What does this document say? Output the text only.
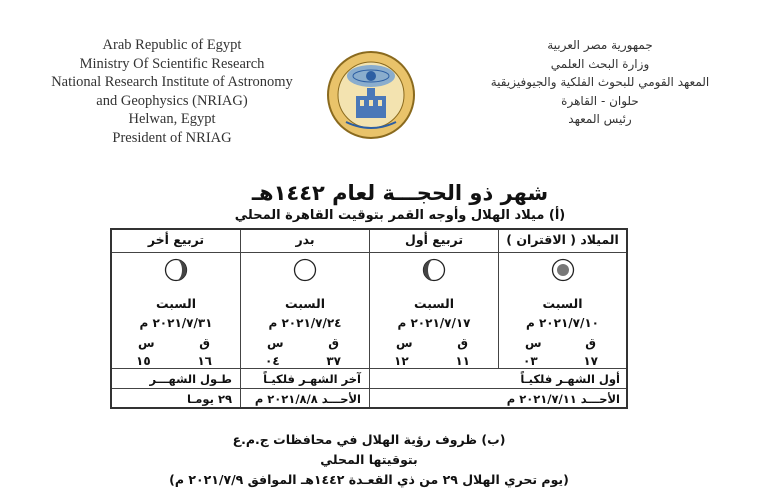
Arab Republic of Egypt
Ministry Of Scientific Research
National Research Institute of Astronomy
and Geophysics (NRIAG)
Helwan, Egypt
President of NRIAG
جمهورية مصر العربية
وزارة البحث العلمي
المعهد القومي للبحوث الفلكية والجيوفيزيقية
حلوان - القاهرة
رئيس المعهد
شهر ذو الحجـــة لعام ١٤٤٢هـ
(أ) ميلاد الهلال وأوجه القمر بتوقيت القاهرة المحلي
الميلاد ( الاقتران )
السبت
٢٠٢١/٧/١٠ م
ق
س
١٧
٠٣
تربيع أول
السبت
٢٠٢١/٧/١٧ م
ق
س
١١
١٢
بدر
السبت
٢٠٢١/٧/٢٤ م
ق
س
٣٧
٠٤
تربيع أخر
السبت
٢٠٢١/٧/٣١ م
ق
س
١٦
١٥
أول الشهـر فلكيـاً
الأحـــد ٢٠٢١/٧/١١ م
آخر الشهـر فلكيـاً
الأحـــد ٢٠٢١/٨/٨ م
طـول الشهـــر
٢٩ يومـا
(ب) ظروف رؤية الهلال في محافظات ج.م.ع
بتوقيتها المحلي
(يوم تحري الهلال ٢٩ من ذي القعـدة ١٤٤٢هـ الموافق ٢٠٢١/٧/٩ م)
